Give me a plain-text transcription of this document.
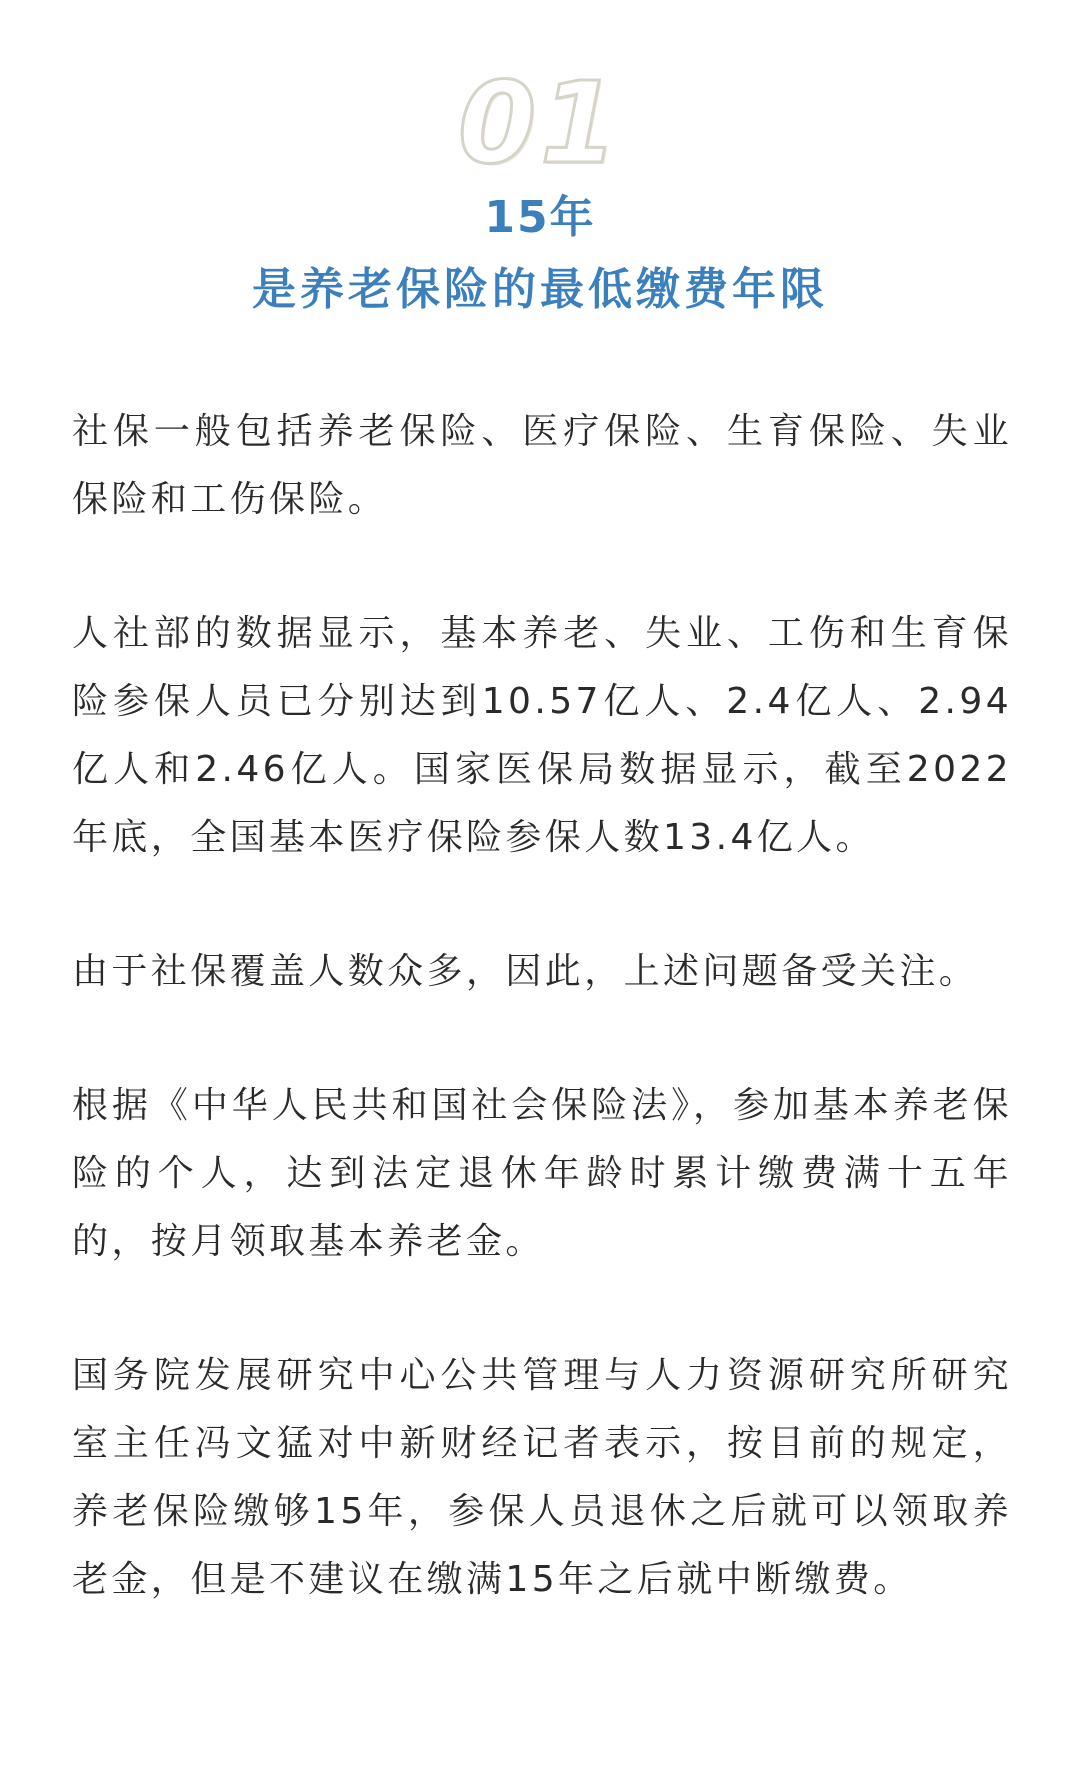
01
15年
是养老保险的最低缴费年限

社保一般包括养老保险、医疗保险、生育保险、失业保险和工伤保险。

人社部的数据显示，基本养老、失业、工伤和生育保险参保人员已分别达到10.57亿人、2.4亿人、2.94亿人和2.46亿人。国家医保局数据显示，截至2022年底，全国基本医疗保险参保人数13.4亿人。

由于社保覆盖人数众多，因此，上述问题备受关注。

根据《中华人民共和国社会保险法》，参加基本养老保险的个人，达到法定退休年龄时累计缴费满十五年的，按月领取基本养老金。

国务院发展研究中心公共管理与人力资源研究所研究室主任冯文猛对中新财经记者表示，按目前的规定，养老保险缴够15年，参保人员退休之后就可以领取养老金，但是不建议在缴满15年之后就中断缴费。
